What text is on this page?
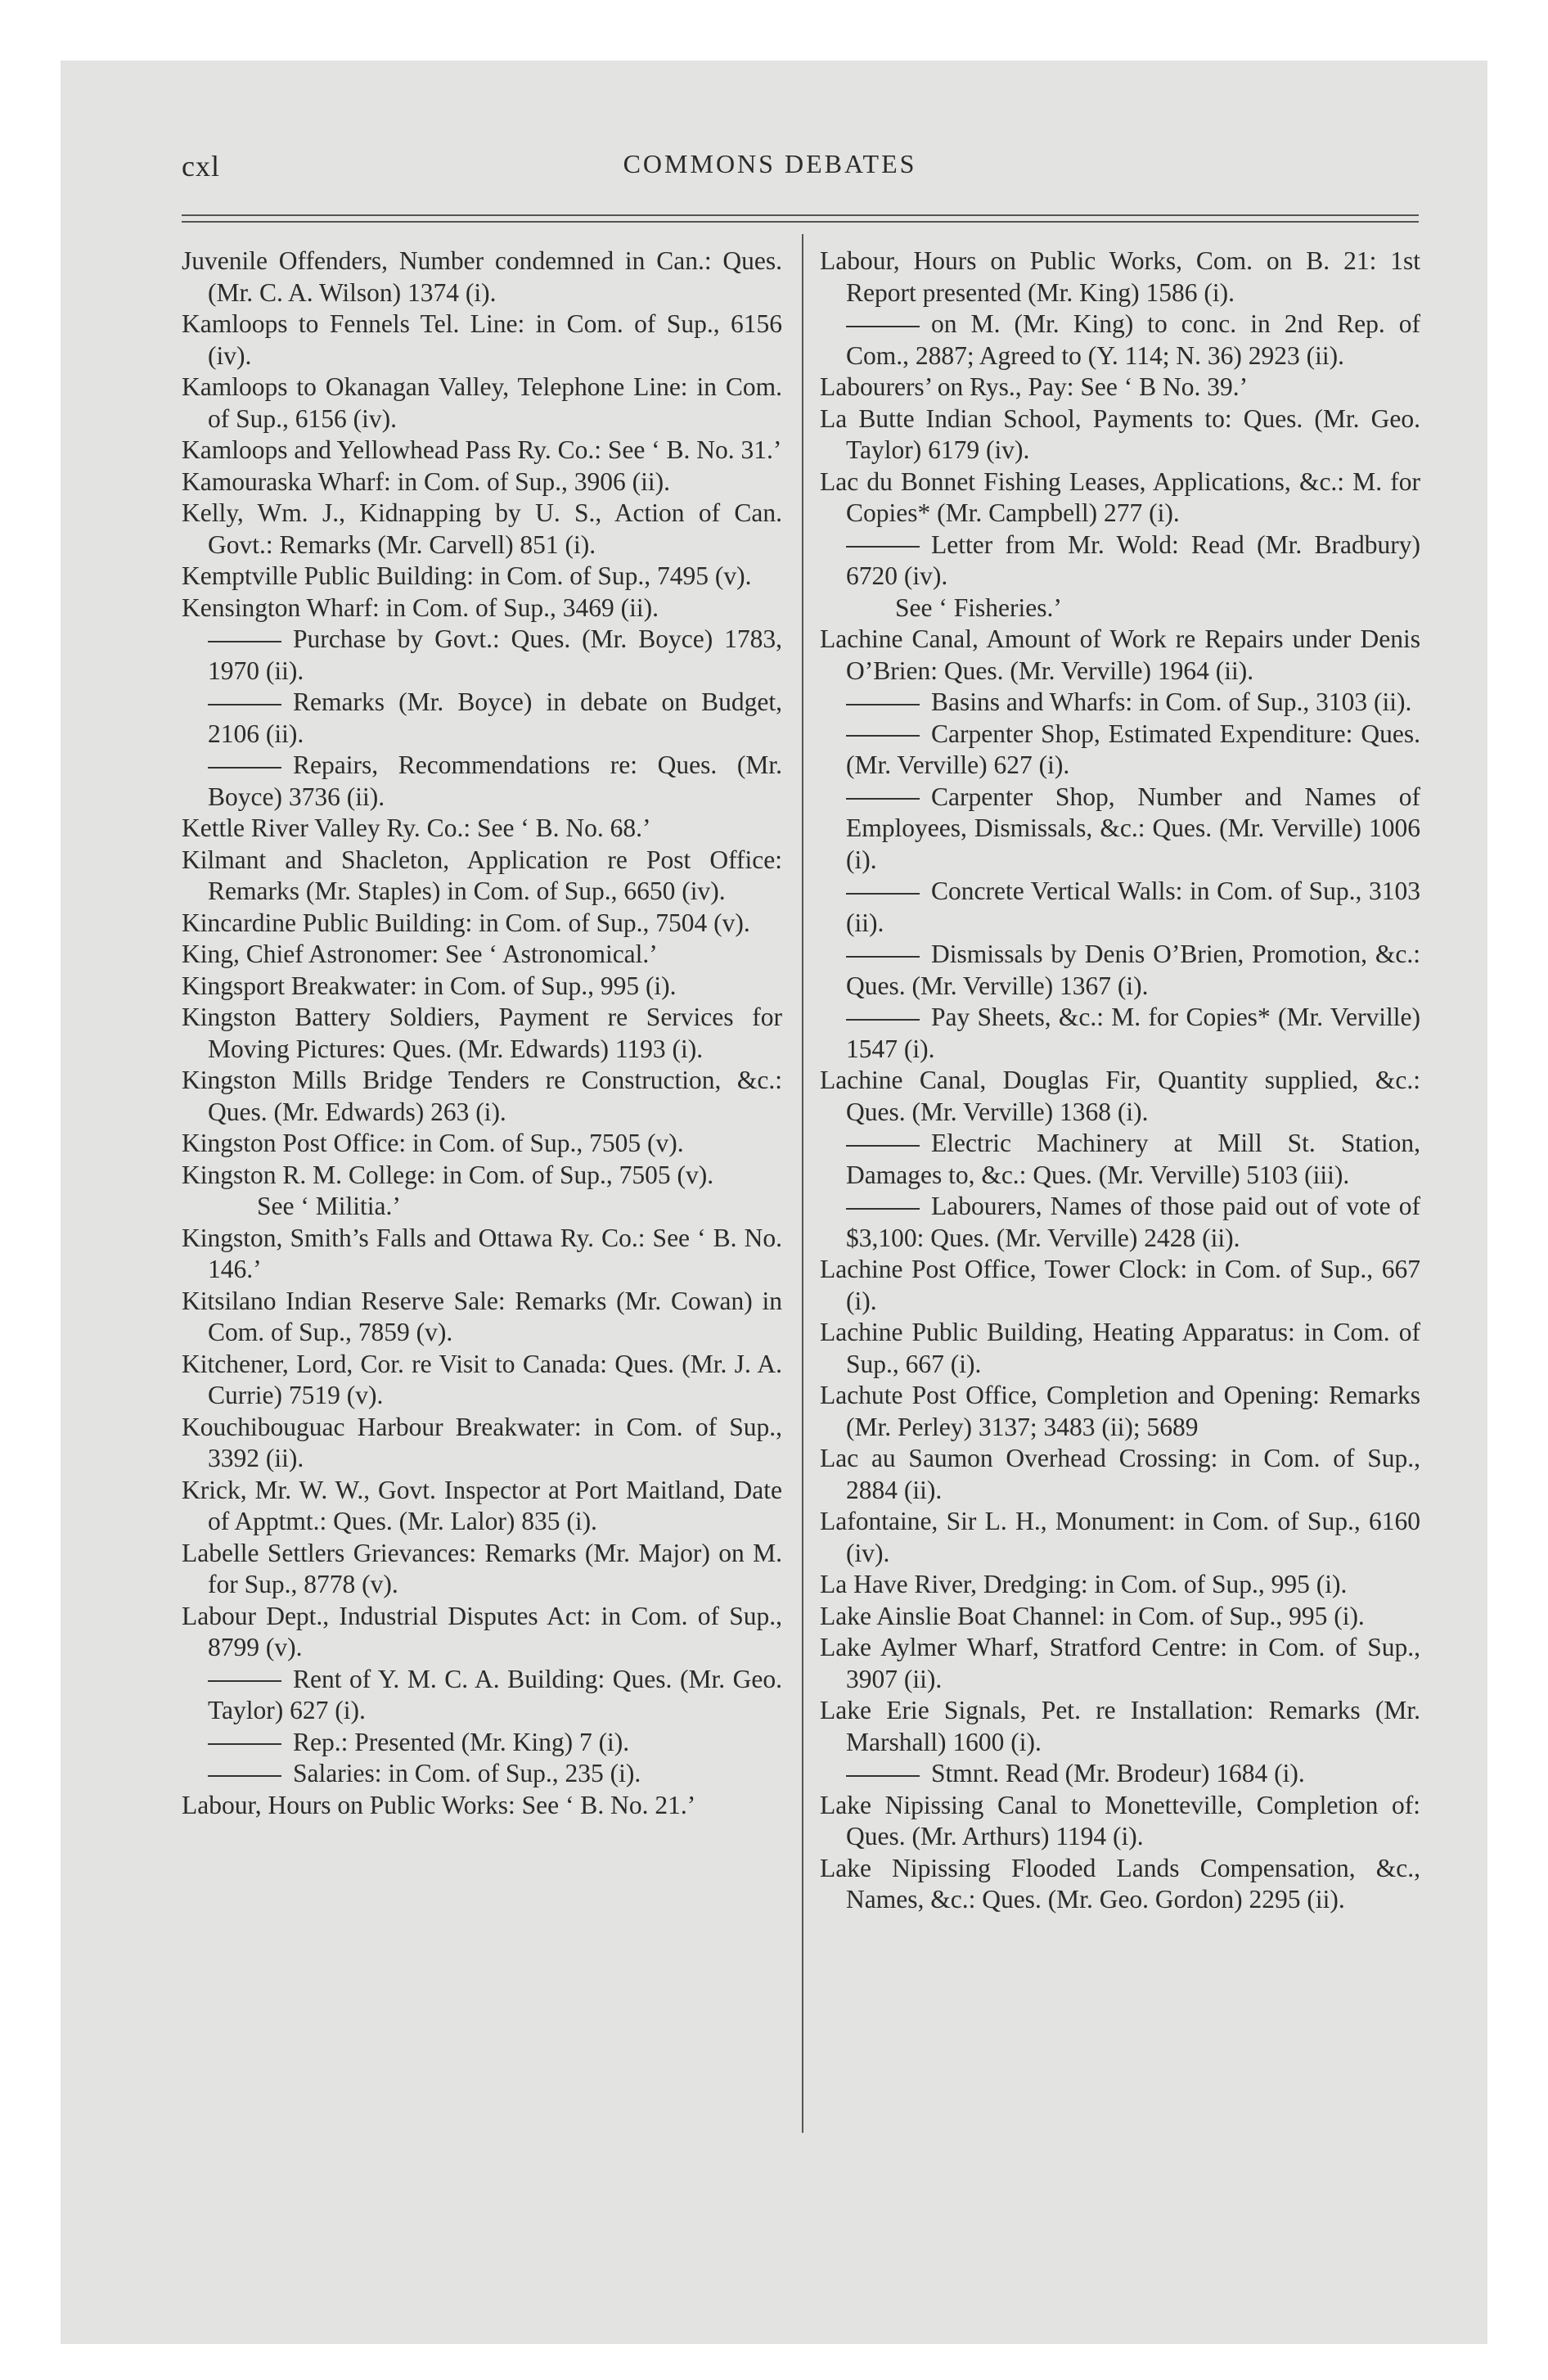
cxl	COMMONS DEBATES

Juvenile Offenders, Number condemned in Can.: Ques. (Mr. C. A. Wilson) 1374 (i).

Kamloops to Fennels Tel. Line: in Com. of Sup., 6156 (iv).

Kamloops to Okanagan Valley, Telephone Line: in Com. of Sup., 6156 (iv).

Kamloops and Yellowhead Pass Ry. Co.: See ‘ B. No. 31.’

Kamouraska Wharf: in Com. of Sup., 3906 (ii).

Kelly, Wm. J., Kidnapping by U. S., Action of Can. Govt.: Remarks (Mr. Carvell) 851 (i).

Kemptville Public Building: in Com. of Sup., 7495 (v).

Kensington Wharf: in Com. of Sup., 3469 (ii).

Purchase by Govt.: Ques. (Mr. Boyce) 1783, 1970 (ii).

Remarks (Mr. Boyce) in debate on Budget, 2106 (ii).

Repairs, Recommendations re: Ques. (Mr. Boyce) 3736 (ii).

Kettle River Valley Ry. Co.: See ‘ B. No. 68.’

Kilmant and Shacleton, Application re Post Office: Remarks (Mr. Staples) in Com. of Sup., 6650 (iv).

Kincardine Public Building: in Com. of Sup., 7504 (v).

King, Chief Astronomer: See ‘ Astronomical.’

Kingsport Breakwater: in Com. of Sup., 995 (i).

Kingston Battery Soldiers, Payment re Services for Moving Pictures: Ques. (Mr. Edwards) 1193 (i).

Kingston Mills Bridge Tenders re Construction, &c.: Ques. (Mr. Edwards) 263 (i).

Kingston Post Office: in Com. of Sup., 7505 (v).

Kingston R. M. College: in Com. of Sup., 7505 (v).

See ‘ Militia.’

Kingston, Smith’s Falls and Ottawa Ry. Co.: See ‘ B. No. 146.’

Kitsilano Indian Reserve Sale: Remarks (Mr. Cowan) in Com. of Sup., 7859 (v).

Kitchener, Lord, Cor. re Visit to Canada: Ques. (Mr. J. A. Currie) 7519 (v).

Kouchibouguac Harbour Breakwater: in Com. of Sup., 3392 (ii).

Krick, Mr. W. W., Govt. Inspector at Port Maitland, Date of Apptmt.: Ques. (Mr. Lalor) 835 (i).

Labelle Settlers Grievances: Remarks (Mr. Major) on M. for Sup., 8778 (v).

Labour Dept., Industrial Disputes Act: in Com. of Sup., 8799 (v).

Rent of Y. M. C. A. Building: Ques. (Mr. Geo. Taylor) 627 (i).

Rep.: Presented (Mr. King) 7 (i).

Salaries: in Com. of Sup., 235 (i).

Labour, Hours on Public Works: See ‘ B. No. 21.’

Labour, Hours on Public Works, Com. on B. 21: 1st Report presented (Mr. King) 1586 (i).

on M. (Mr. King) to conc. in 2nd Rep. of Com., 2887; Agreed to (Y. 114; N. 36) 2923 (ii).

Labourers’ on Rys., Pay: See ‘ B No. 39.’

La Butte Indian School, Payments to: Ques. (Mr. Geo. Taylor) 6179 (iv).

Lac du Bonnet Fishing Leases, Applications, &c.: M. for Copies* (Mr. Campbell) 277 (i).

Letter from Mr. Wold: Read (Mr. Bradbury) 6720 (iv).

See ‘ Fisheries.’

Lachine Canal, Amount of Work re Repairs under Denis O’Brien: Ques. (Mr. Verville) 1964 (ii).

Basins and Wharfs: in Com. of Sup., 3103 (ii).

Carpenter Shop, Estimated Expenditure: Ques. (Mr. Verville) 627 (i).

Carpenter Shop, Number and Names of Employees, Dismissals, &c.: Ques. (Mr. Verville) 1006 (i).

Concrete Vertical Walls: in Com. of Sup., 3103 (ii).

Dismissals by Denis O’Brien, Promotion, &c.: Ques. (Mr. Verville) 1367 (i).

Pay Sheets, &c.: M. for Copies* (Mr. Verville) 1547 (i).

Lachine Canal, Douglas Fir, Quantity supplied, &c.: Ques. (Mr. Verville) 1368 (i).

Electric Machinery at Mill St. Station, Damages to, &c.: Ques. (Mr. Verville) 5103 (iii).

Labourers, Names of those paid out of vote of $3,100: Ques. (Mr. Verville) 2428 (ii).

Lachine Post Office, Tower Clock: in Com. of Sup., 667 (i).

Lachine Public Building, Heating Apparatus: in Com. of Sup., 667 (i).

Lachute Post Office, Completion and Opening: Remarks (Mr. Perley) 3137; 3483 (ii); 5689

Lac au Saumon Overhead Crossing: in Com. of Sup., 2884 (ii).

Lafontaine, Sir L. H., Monument: in Com. of Sup., 6160 (iv).

La Have River, Dredging: in Com. of Sup., 995 (i).

Lake Ainslie Boat Channel: in Com. of Sup., 995 (i).

Lake Aylmer Wharf, Stratford Centre: in Com. of Sup., 3907 (ii).

Lake Erie Signals, Pet. re Installation: Remarks (Mr. Marshall) 1600 (i).

Stmnt. Read (Mr. Brodeur) 1684 (i).

Lake Nipissing Canal to Monetteville, Completion of: Ques. (Mr. Arthurs) 1194 (i).

Lake Nipissing Flooded Lands Compensation, &c., Names, &c.: Ques. (Mr. Geo. Gordon) 2295 (ii).
